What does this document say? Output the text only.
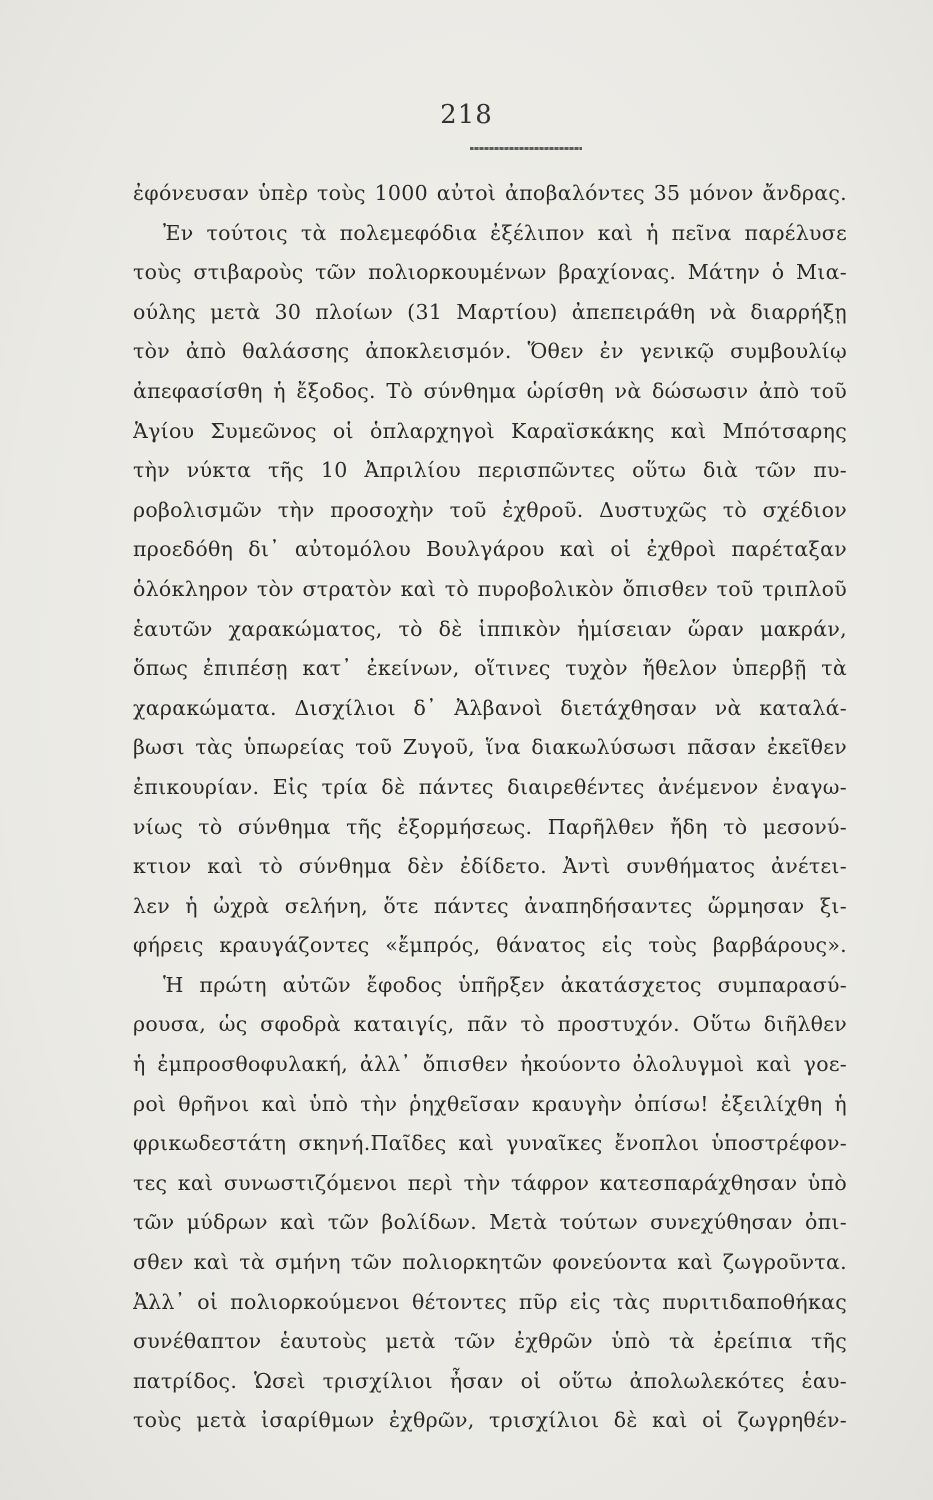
218
ἐφόνευσαν ὑπὲρ τοὺς 1000 αὐτοὶ ἀποβαλόντες 35 μόνον ἄνδρας.
Ἐν τούτοις τὰ πολεμεφόδια ἐξέλιπον καὶ ἡ πεῖνα παρέλυσε
τοὺς στιβαροὺς τῶν πολιορκουμένων βραχίονας. Μάτην ὁ Μια-
ούλης μετὰ 30 πλοίων (31 Μαρτίου) ἀπεπειράθη νὰ διαρρήξῃ
τὸν ἀπὸ θαλάσσης ἀποκλεισμόν. Ὅθεν ἐν γενικῷ συμβουλίῳ
ἀπεφασίσθη ἡ ἔξοδος. Τὸ σύνθημα ὡρίσθη νὰ δώσωσιν ἀπὸ τοῦ
Ἁγίου Συμεῶνος οἱ ὁπλαρχηγοὶ Καραϊσκάκης καὶ Μπότσαρης
τὴν νύκτα τῆς 10 Ἀπριλίου περισπῶντες οὕτω διὰ τῶν πυ-
ροβολισμῶν τὴν προσοχὴν τοῦ ἐχθροῦ. Δυστυχῶς τὸ σχέδιον
προεδόθη δι᾽ αὐτομόλου Βουλγάρου καὶ οἱ ἐχθροὶ παρέταξαν
ὁλόκληρον τὸν στρατὸν καὶ τὸ πυροβολικὸν ὄπισθεν τοῦ τριπλοῦ
ἑαυτῶν χαρακώματος, τὸ δὲ ἱππικὸν ἡμίσειαν ὥραν μακράν,
ὅπως ἐπιπέσῃ κατ᾽ ἐκείνων, οἵτινες τυχὸν ἤθελον ὑπερβῇ τὰ
χαρακώματα. Δισχίλιοι δ᾽ Ἀλβανοὶ διετάχθησαν νὰ καταλά-
βωσι τὰς ὑπωρείας τοῦ Ζυγοῦ, ἵνα διακωλύσωσι πᾶσαν ἐκεῖθεν
ἐπικουρίαν. Εἰς τρία δὲ πάντες διαιρεθέντες ἀνέμενον ἐναγω-
νίως τὸ σύνθημα τῆς ἐξορμήσεως. Παρῆλθεν ἤδη τὸ μεσονύ-
κτιον καὶ τὸ σύνθημα δὲν ἐδίδετο. Ἀντὶ συνθήματος ἀνέτει-
λεν ἡ ὠχρὰ σελήνη, ὅτε πάντες ἀναπηδήσαντες ὥρμησαν ξι-
φήρεις κραυγάζοντες «ἔμπρός, θάνατος εἰς τοὺς βαρβάρους».
Ἡ πρώτη αὐτῶν ἔφοδος ὑπῆρξεν ἀκατάσχετος συμπαρασύ-
ρουσα, ὡς σφοδρὰ καταιγίς, πᾶν τὸ προστυχόν. Οὕτω διῆλθεν
ἡ ἐμπροσθοφυλακή, ἀλλ᾽ ὄπισθεν ἠκούοντο ὀλολυγμοὶ καὶ γοε-
ροὶ θρῆνοι καὶ ὑπὸ τὴν ῥηχθεῖσαν κραυγὴν ὀπίσω! ἐξειλίχθη ἡ
φρικωδεστάτη σκηνή.Παῖδες καὶ γυναῖκες ἔνοπλοι ὑποστρέφον-
τες καὶ συνωστιζόμενοι περὶ τὴν τάφρον κατεσπαράχθησαν ὑπὸ
τῶν μύδρων καὶ τῶν βολίδων. Μετὰ τούτων συνεχύθησαν ὀπι-
σθεν καὶ τὰ σμήνη τῶν πολιορκητῶν φονεύοντα καὶ ζωγροῦντα.
Ἀλλ᾽ οἱ πολιορκούμενοι θέτοντες πῦρ εἰς τὰς πυριτιδαποθήκας
συνέθαπτον ἑαυτοὺς μετὰ τῶν ἐχθρῶν ὑπὸ τὰ ἐρείπια τῆς
πατρίδος. Ὡσεὶ τρισχίλιοι ἦσαν οἱ οὕτω ἀπολωλεκότες ἑαυ-
τοὺς μετὰ ἰσαρίθμων ἐχθρῶν, τρισχίλιοι δὲ καὶ οἱ ζωγρηθέν-
